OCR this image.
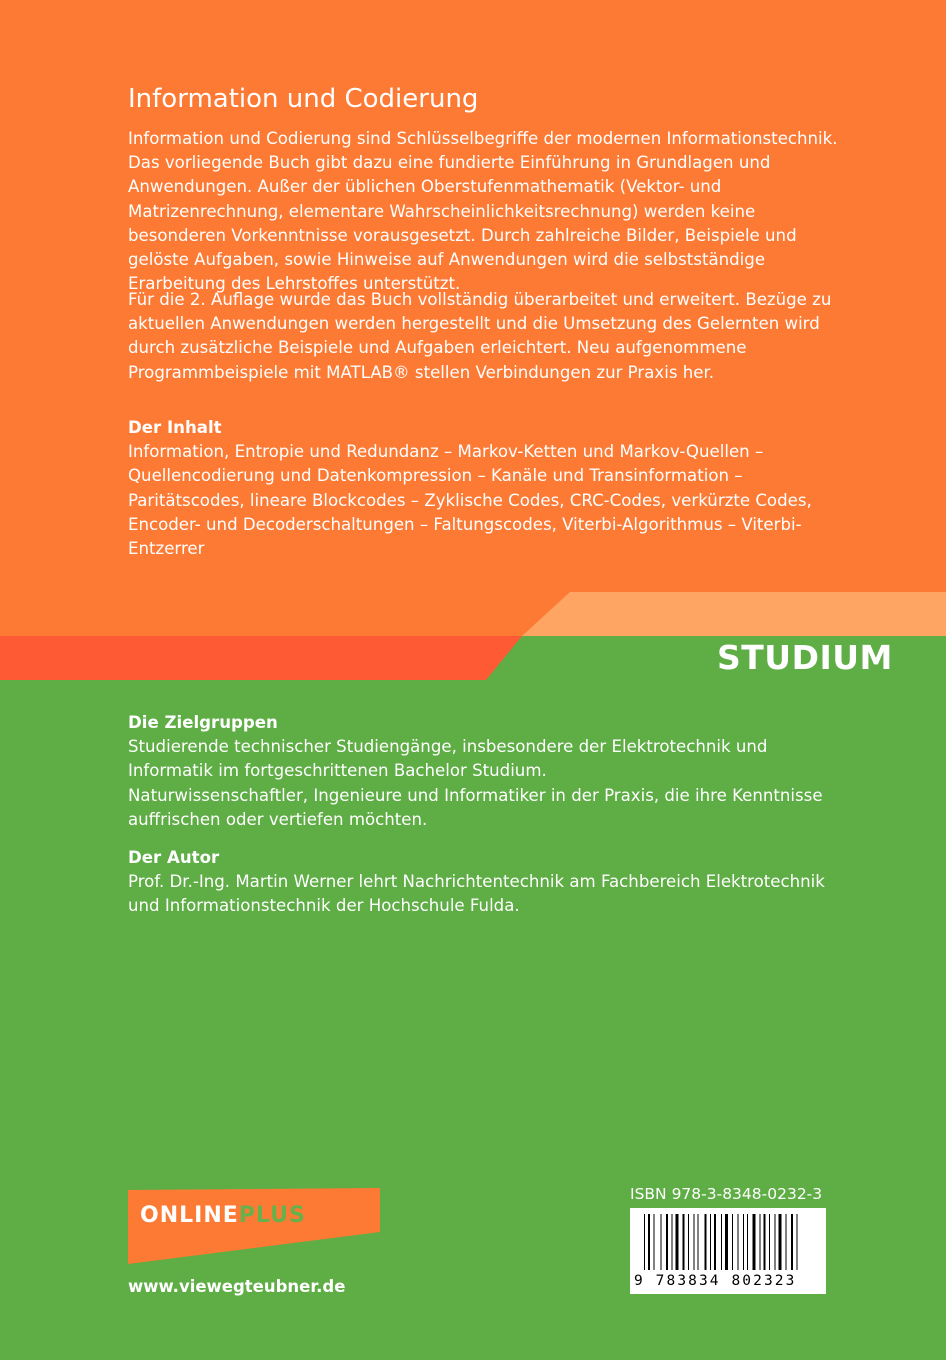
Information und Codierung

Information und Codierung sind Schlüsselbegriffe der modernen Informationstechnik. Das vorliegende Buch gibt dazu eine fundierte Einführung in Grundlagen und Anwendungen. Außer der üblichen Oberstufenmathematik (Vektor- und Matrizenrechnung, elementare Wahrscheinlichkeitsrechnung) werden keine besonderen Vorkenntnisse vorausgesetzt. Durch zahlreiche Bilder, Beispiele und gelöste Aufgaben, sowie Hinweise auf Anwendungen wird die selbstständige Erarbeitung des Lehrstoffes unterstützt.

Für die 2. Auflage wurde das Buch vollständig überarbeitet und erweitert. Bezüge zu aktuellen Anwendungen werden hergestellt und die Umsetzung des Gelernten wird durch zusätzliche Beispiele und Aufgaben erleichtert. Neu aufgenommene Programmbeispiele mit MATLAB® stellen Verbindungen zur Praxis her.

Der Inhalt

Information, Entropie und Redundanz – Markov-Ketten und Markov-Quellen – Quellencodierung und Datenkompression – Kanäle und Transinformation – Paritätscodes, lineare Blockcodes – Zyklische Codes, CRC-Codes, verkürzte Codes, Encoder- und Decoderschaltungen – Faltungscodes, Viterbi-Algorithmus – Viterbi-Entzerrer

STUDIUM
Die Zielgruppen

Studierende technischer Studiengänge, insbesondere der Elektrotechnik und Informatik im fortgeschrittenen Bachelor Studium.

Naturwissenschaftler, Ingenieure und Informatiker in der Praxis, die ihre Kenntnisse auffrischen oder vertiefen möchten.

Der Autor

Prof. Dr.-Ing. Martin Werner lehrt Nachrichtentechnik am Fachbereich Elektrotechnik und Informationstechnik der Hochschule Fulda.

ONLINEPLUS
www.viewegteubner.de
ISBN 978-3-8348-0232-3
9 783834 802323
